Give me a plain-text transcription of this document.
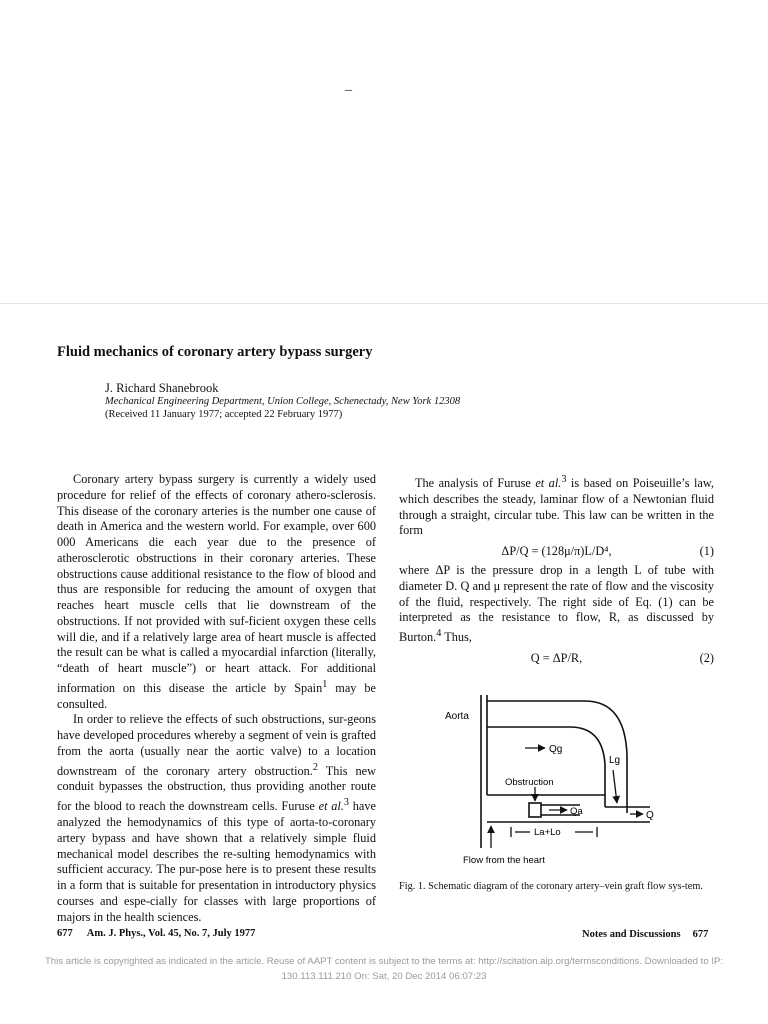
_
Fluid mechanics of coronary artery bypass surgery
J. Richard Shanebrook
Mechanical Engineering Department, Union College, Schenectady, New York 12308
(Received 11 January 1977; accepted 22 February 1977)

Coronary artery bypass surgery is currently a widely used procedure for relief of the effects of coronary athero-sclerosis. This disease of the coronary arteries is the number one cause of death in America and the western world. For example, over 600 000 Americans die each year due to the presence of atherosclerotic obstructions in their coronary arteries. These obstructions cause additional resistance to the flow of blood and thus are responsible for reducing the amount of oxygen that reaches heart muscle cells that lie downstream of the obstructions. If not provided with suf-ficient oxygen these cells will die, and if a relatively large area of heart muscle is affected the result can be what is called a myocardial infarction (literally, “death of heart muscle”) or heart attack. For additional information on this disease the article by Spain$^1$ may be consulted.

In order to relieve the effects of such obstructions, sur-geons have developed procedures whereby a segment of vein is grafted from the aorta (usually near the aortic valve) to a location downstream of the coronary artery obstruction.$^2$ This new conduit bypasses the obstruction, thus providing another route for the blood to reach the downstream cells. Furuse et al.$^3$ have analyzed the hemodynamics of this type of aorta-to-coronary artery bypass and have shown that a relatively simple fluid mechanical model describes the re-sulting hemodynamics with sufficient accuracy. The pur-pose here is to present these results in a form that is suitable for presentation in introductory physics courses and espe-cially for classes with large proportions of majors in the health sciences.

The analysis of Furuse et al.$^3$ is based on Poiseuille’s law, which describes the steady, laminar flow of a Newtonian fluid through a straight, circular tube. This law can be written in the form

ΔP/Q = (128μ/π)L/D⁴,	(1)

where ΔP is the pressure drop in a length L of tube with diameter D. Q and μ represent the rate of flow and the viscosity of the fluid, respectively. The right side of Eq. (1) can be interpreted as the resistance to flow, R, as discussed by Burton.$^4$ Thus,

Q = ΔP/R,	(2)
Aorta
Qg
Lg
Obstruction
Qa	Q
La+Lo
Flow from the heart
Fig. 1. Schematic diagram of the coronary artery–vein graft flow sys-tem.
677 Am. J. Phys., Vol. 45, No. 7, July 1977	Notes and Discussions 677
This article is copyrighted as indicated in the article. Reuse of AAPT content is subject to the terms at: http://scitation.aip.org/termsconditions. Downloaded to IP:
130.113.111.210 On: Sat, 20 Dec 2014 06:07:23
